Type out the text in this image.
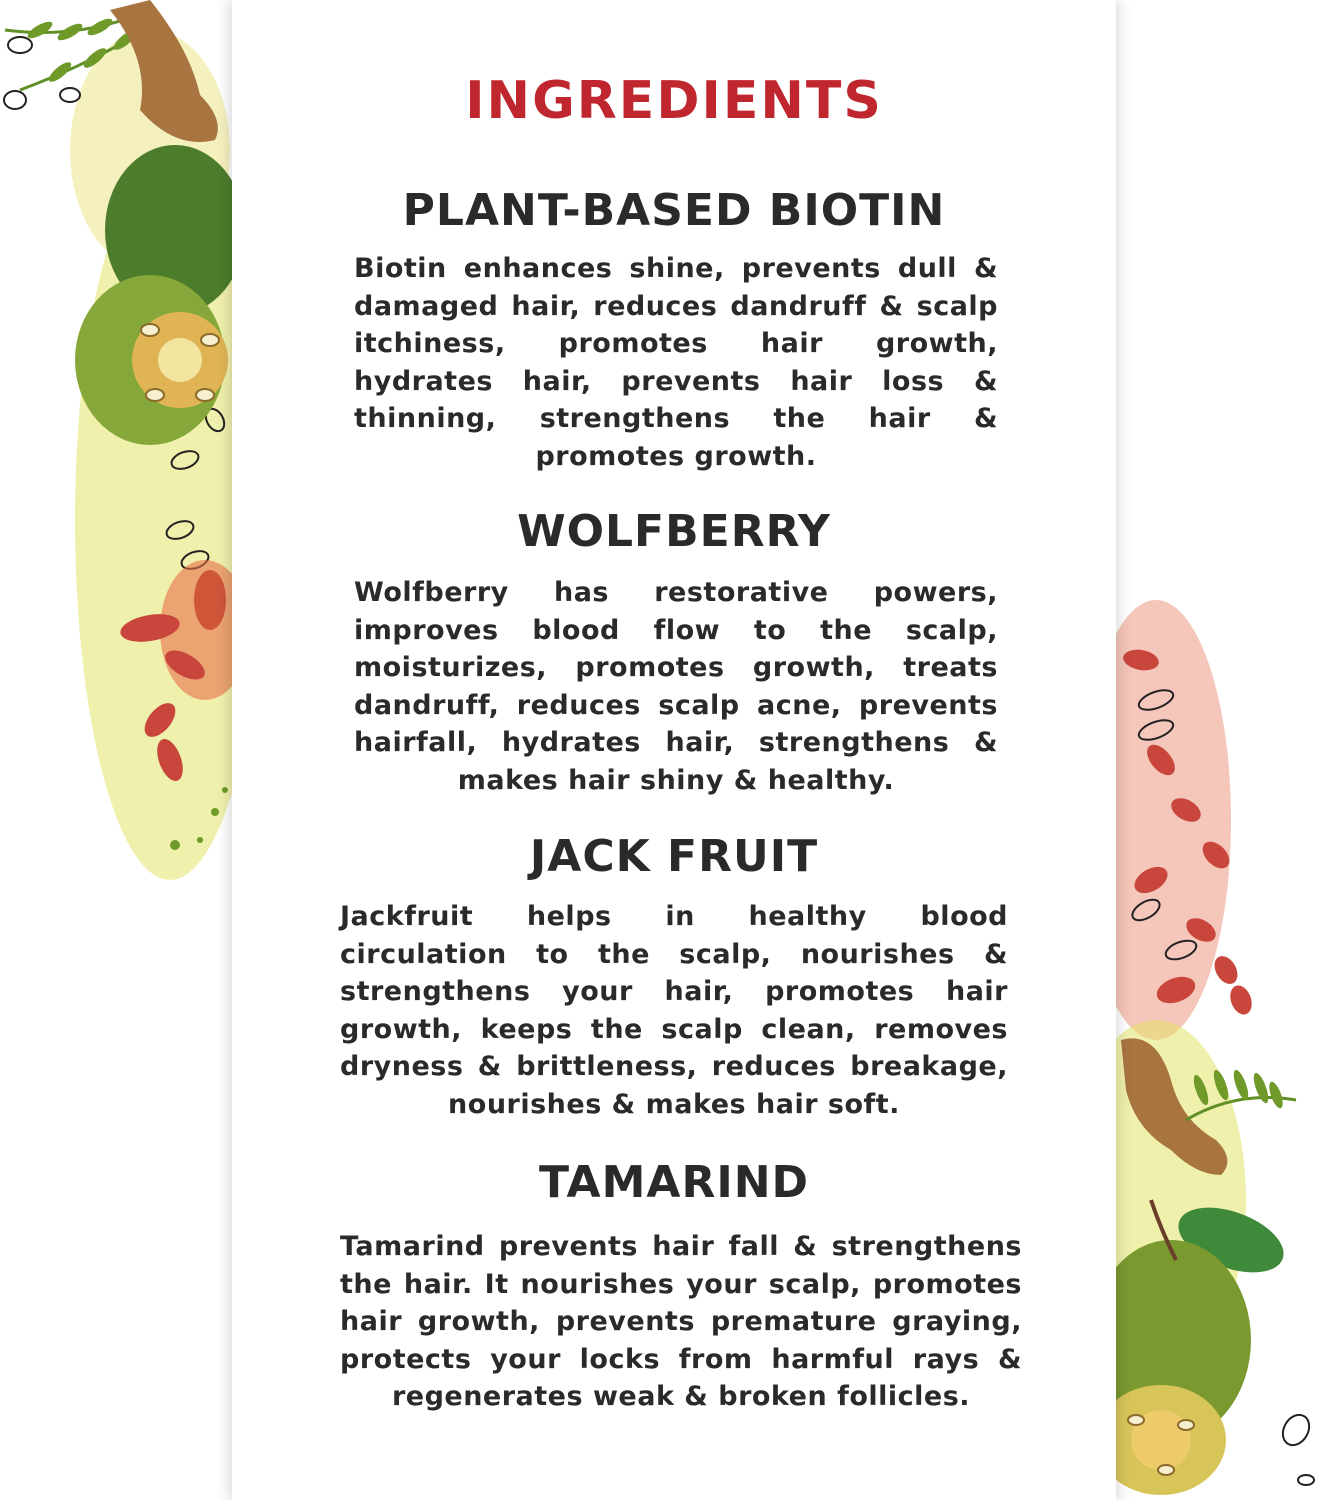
INGREDIENTS
PLANT-BASED BIOTIN
Biotin enhances shine, prevents dull & damaged hair, reduces dandruff & scalp itchiness, promotes hair growth, hydrates hair, prevents hair loss & thinning, strengthens the hair & promotes growth.
WOLFBERRY
Wolfberry has restorative powers, improves blood flow to the scalp, moisturizes, promotes growth, treats dandruff, reduces scalp acne, prevents hairfall, hydrates hair, strengthens & makes hair shiny & healthy.
JACK FRUIT
Jackfruit helps in healthy blood circulation to the scalp, nourishes & strengthens your hair, promotes hair growth, keeps the scalp clean, removes dryness & brittleness, reduces breakage, nourishes & makes hair soft.
TAMARIND
Tamarind prevents hair fall & strengthens the hair. It nourishes your scalp, promotes hair growth, prevents premature graying, protects your locks from harmful rays & regenerates weak & broken follicles.
